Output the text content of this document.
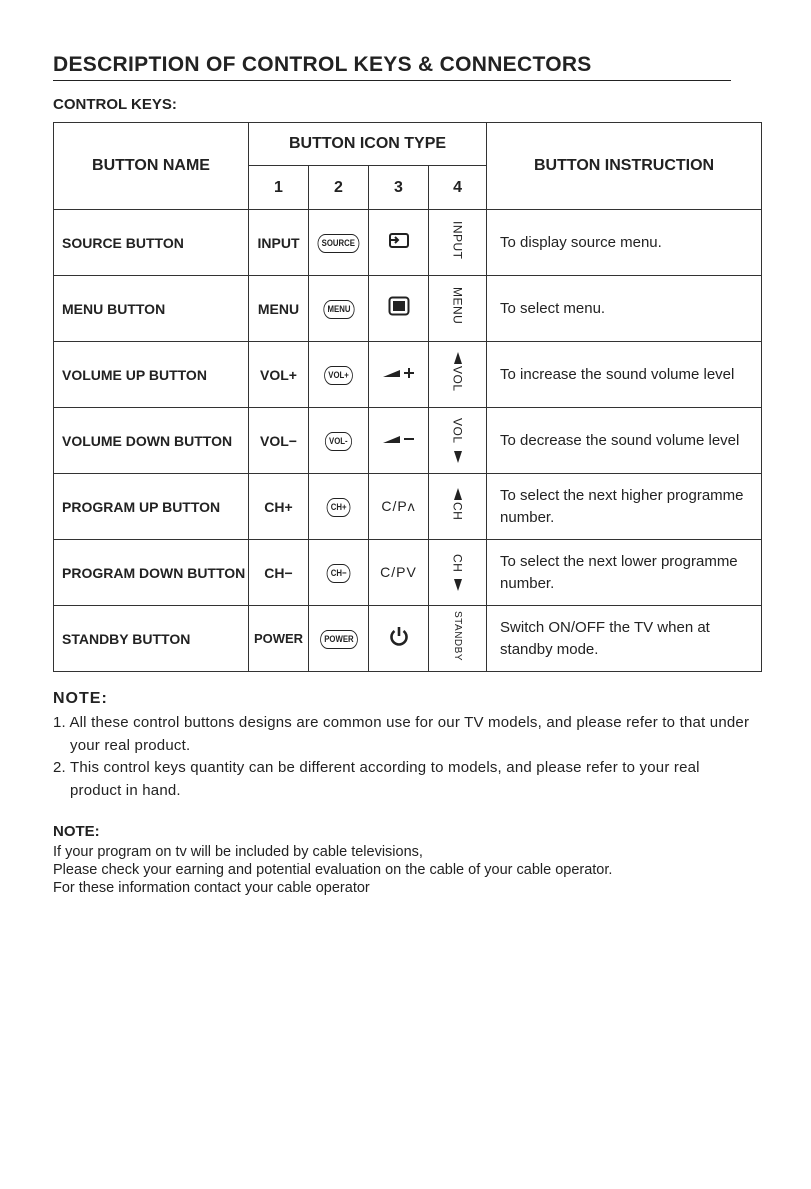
DESCRIPTION OF CONTROL KEYS & CONNECTORS
CONTROL KEYS:
BUTTON NAME	BUTTON ICON TYPE				BUTTON INSTRUCTION
	1	2	3	4	
SOURCE BUTTON	INPUT	SOURCE		INPUT	To display source menu.
MENU BUTTON	MENU	MENU		MENU	To select menu.
VOLUME UP BUTTON	VOL+	VOL+		VOL	To increase the sound volume level
VOLUME DOWN BUTTON	VOL−	VOL-		VOL	To decrease the sound volume level
PROGRAM UP BUTTON	CH+	CH+	C/Pʌ	CH	To select the next higher programme number.
PROGRAM DOWN BUTTON	CH−	CH−	C/PV	CH	To select the next lower programme number.
STANDBY BUTTON	POWER	POWER		STANDBY	Switch ON/OFF the TV when at standby mode.
NOTE:
1. All these control buttons designs are common use for our TV models, and please refer to that under your real product.
2. This control keys quantity can be different according to models, and please refer to your real product in hand.
NOTE:
If your program on tv will be included by cable televisions,
Please check your earning and potential evaluation on the cable of your cable operator.
For these information contact your cable operator
